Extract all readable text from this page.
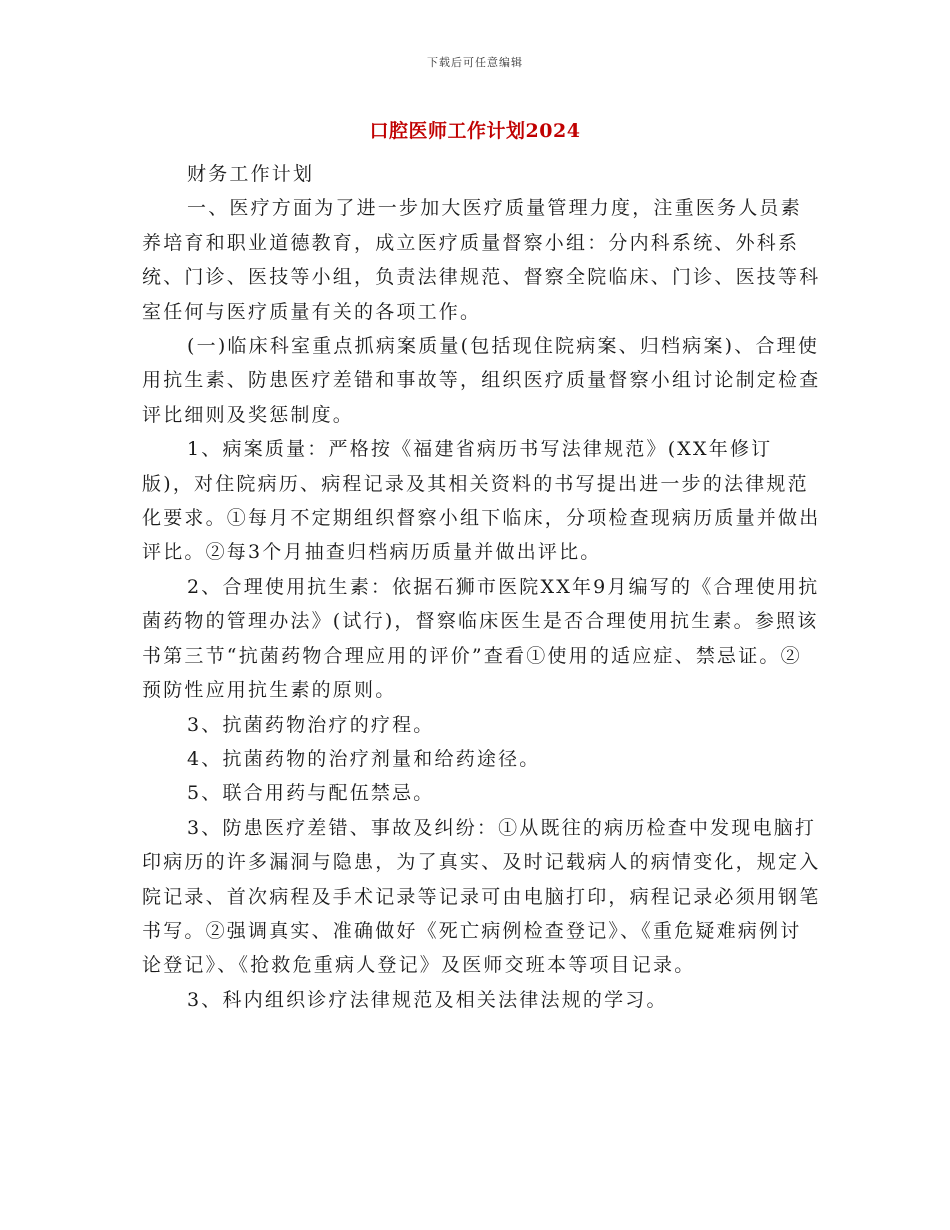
下载后可任意编辑
口腔医师工作计划2024

财务工作计划

一、医疗方面为了进一步加大医疗质量管理力度，注重医务人员素养培育和职业道德教育，成立医疗质量督察小组：分内科系统、外科系统、门诊、医技等小组，负责法律规范、督察全院临床、门诊、医技等科室任何与医疗质量有关的各项工作。

(一)临床科室重点抓病案质量(包括现住院病案、归档病案)、合理使用抗生素、防患医疗差错和事故等，组织医疗质量督察小组讨论制定检查评比细则及奖惩制度。

1、病案质量：严格按《福建省病历书写法律规范》(XX年修订版)，对住院病历、病程记录及其相关资料的书写提出进一步的法律规范化要求。①每月不定期组织督察小组下临床，分项检查现病历质量并做出评比。②每3个月抽查归档病历质量并做出评比。

2、合理使用抗生素：依据石狮市医院XX年9月编写的《合理使用抗菌药物的管理办法》(试行)，督察临床医生是否合理使用抗生素。参照该书第三节“抗菌药物合理应用的评价”查看①使用的适应症、禁忌证。②预防性应用抗生素的原则。

3、抗菌药物治疗的疗程。

4、抗菌药物的治疗剂量和给药途径。

5、联合用药与配伍禁忌。

3、防患医疗差错、事故及纠纷：①从既往的病历检查中发现电脑打印病历的许多漏洞与隐患，为了真实、及时记载病人的病情变化，规定入院记录、首次病程及手术记录等记录可由电脑打印，病程记录必须用钢笔书写。②强调真实、准确做好《死亡病例检查登记》、《重危疑难病例讨论登记》、《抢救危重病人登记》及医师交班本等项目记录。

3、科内组织诊疗法律规范及相关法律法规的学习。
